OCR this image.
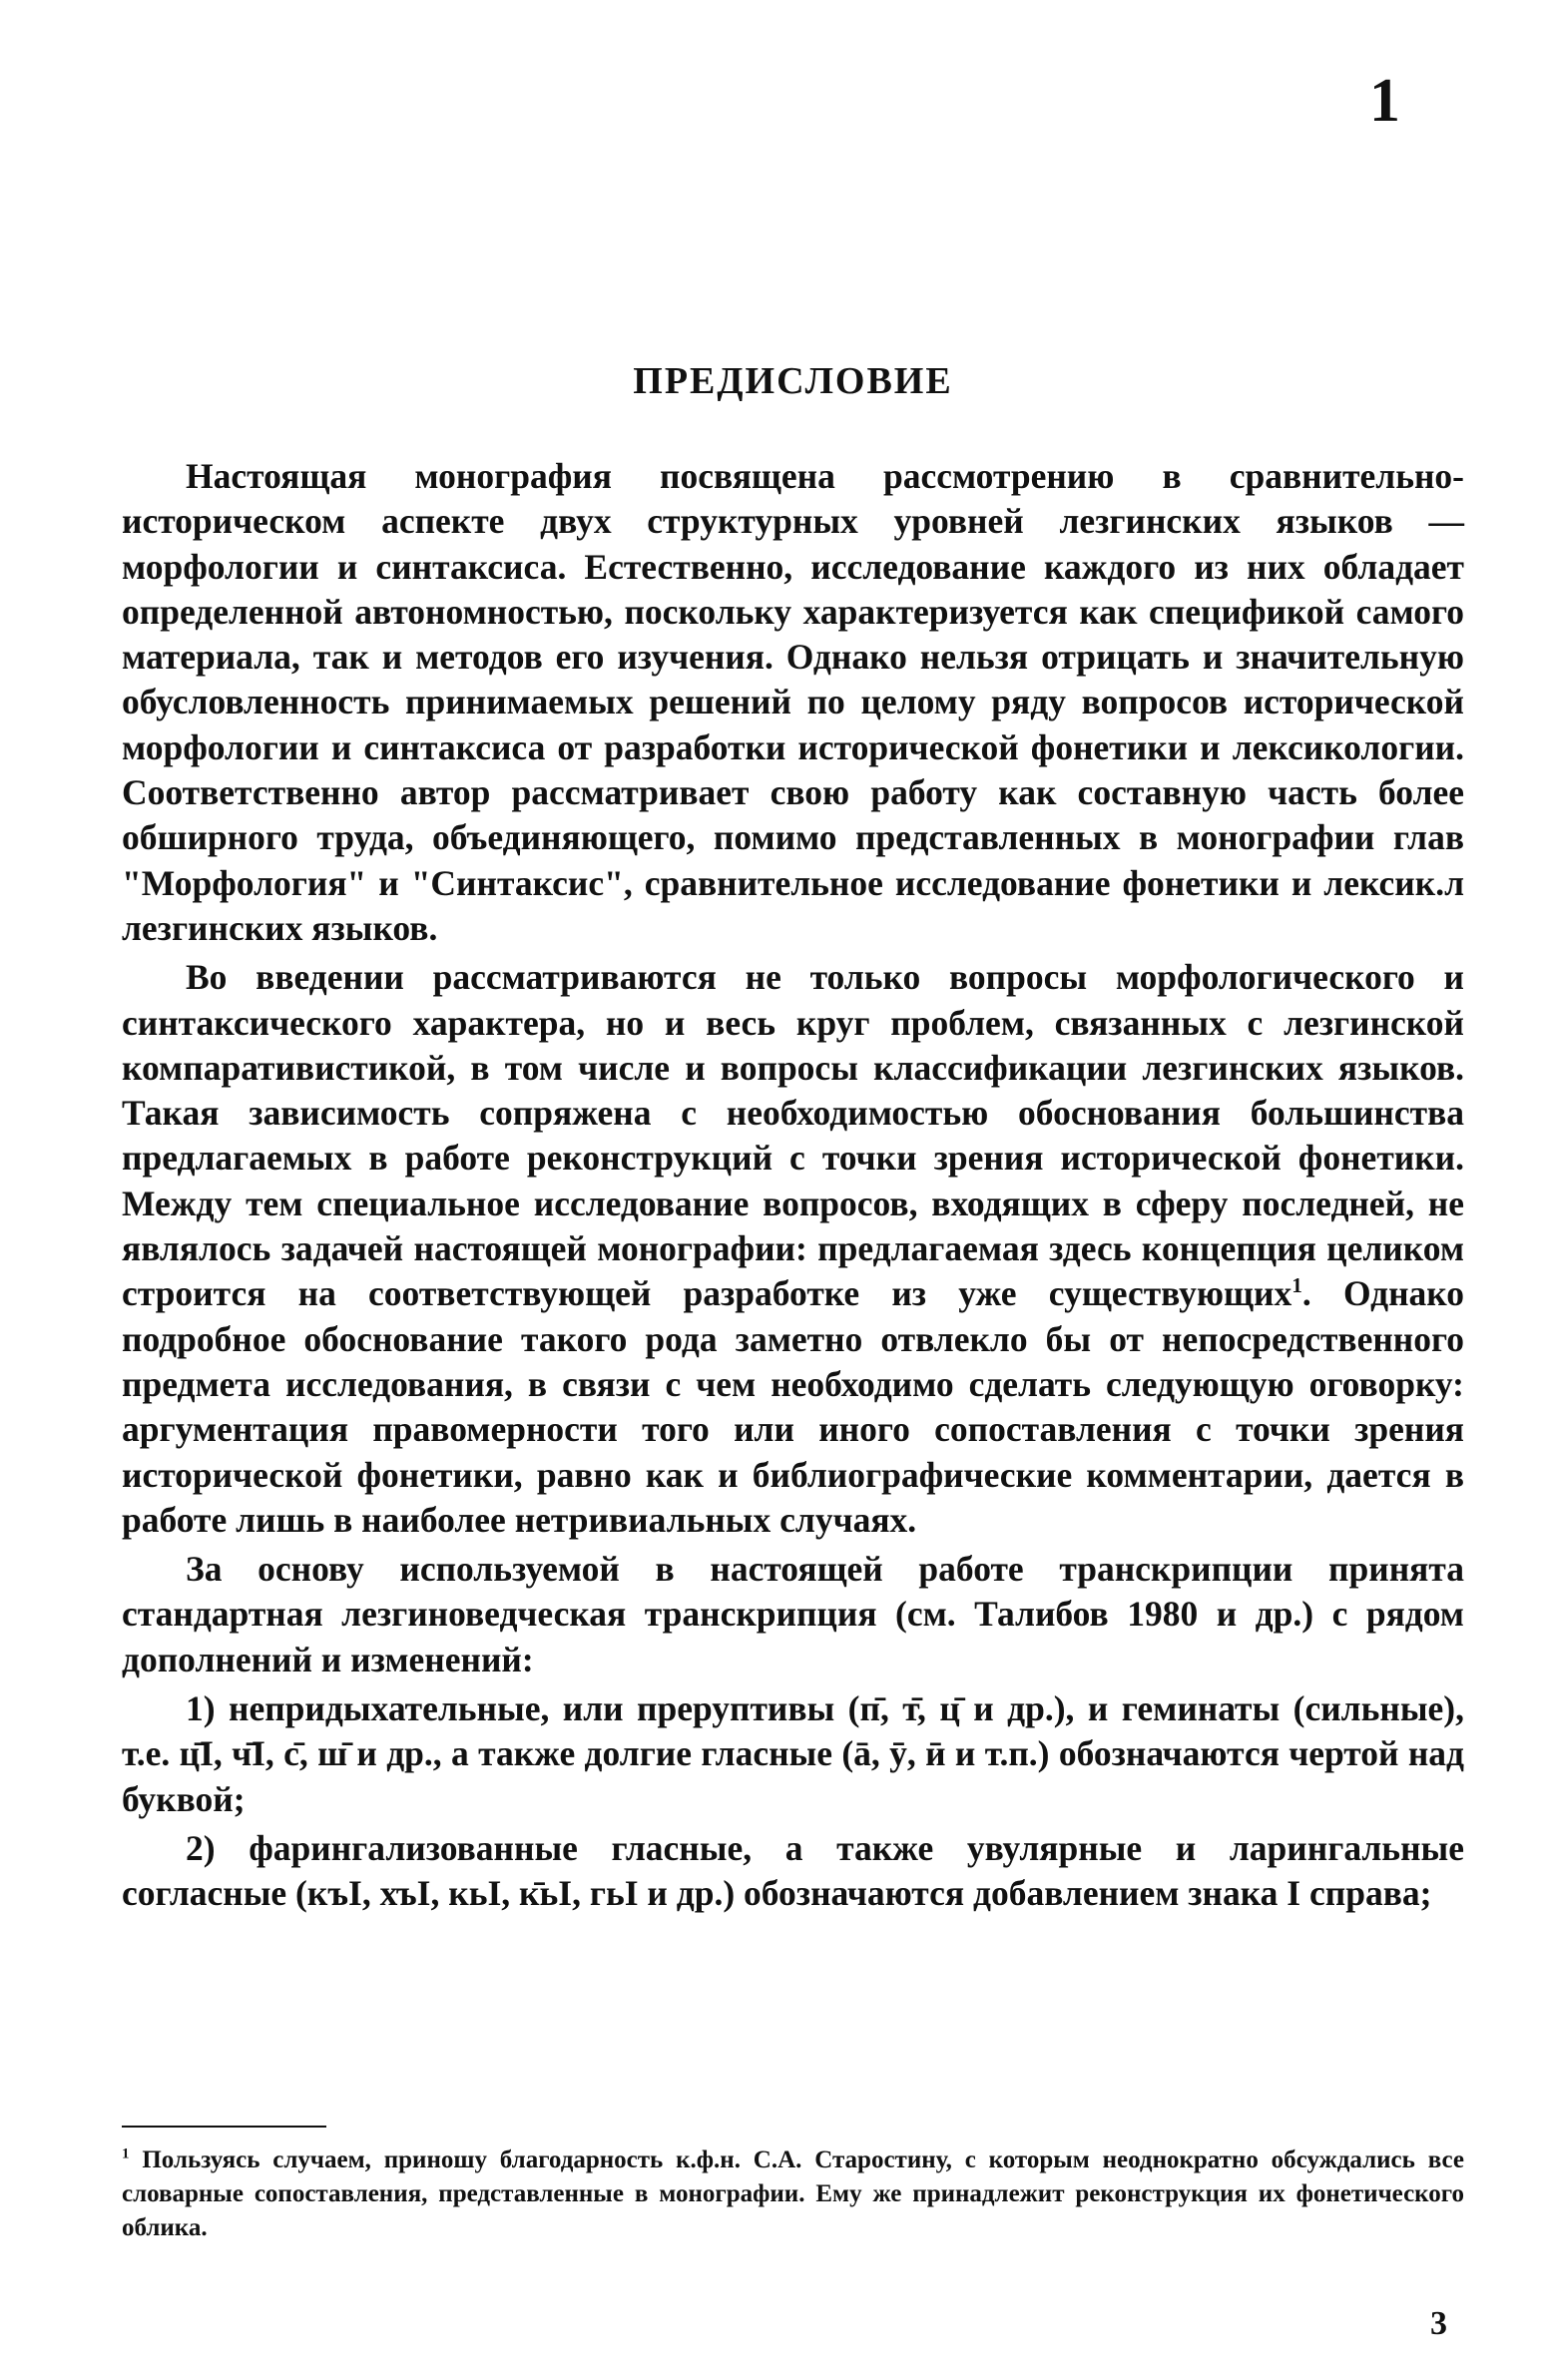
1
ПРЕДИСЛОВИЕ

Настоящая монография посвящена рассмотрению в сравнительно-историческом аспекте двух структурных уровней лезгинских языков — морфологии и синтаксиса. Естественно, исследование каждого из них обладает определенной автономностью, поскольку характеризуется как спецификой самого материала, так и методов его изучения. Однако нельзя отрицать и значительную обусловленность принимаемых решений по целому ряду вопросов исторической морфологии и синтаксиса от разработки исторической фонетики и лексикологии. Соответственно автор рассматривает свою работу как составную часть более обширного труда, объединяющего, помимо представленных в монографии глав "Морфология" и "Синтаксис", сравнительное исследование фонетики и лексик.л лезгинских языков.

Во введении рассматриваются не только вопросы морфологического и синтаксического характера, но и весь круг проблем, связанных с лезгинской компаративистикой, в том числе и вопросы классификации лезгинских языков. Такая зависимость сопряжена с необходимостью обоснования большинства предлагаемых в работе реконструкций с точки зрения исторической фонетики. Между тем специальное исследование вопросов, входящих в сферу последней, не являлось задачей настоящей монографии: предлагаемая здесь концепция целиком строится на соответствующей разработке из уже существующих$^1$. Однако подробное обоснование такого рода заметно отвлекло бы от непосредственного предмета исследования, в связи с чем необходимо сделать следующую оговорку: аргументация правомерности того или иного сопоставления с точки зрения исторической фонетики, равно как и библиографические комментарии, дается в работе лишь в наиболее нетривиальных случаях.

За основу используемой в настоящей работе транскрипции принята стандартная лезгиноведческая транскрипция (см. Талибов 1980 и др.) с рядом дополнений и изменений:

1) непридыхательные, или преруптивы (п̄, т̄, ц̄ и др.), и геминаты (сильные), т.е. ц̄I, ч̄I, с̄, ш̄ и др., а также долгие гласные (ā, ӯ, ӣ и т.п.) обозначаются чертой над буквой;

2) фарингализованные гласные, а также увулярные и ларингальные согласные (къI, хъI, кьI, к̄ьI, гьI и др.) обозначаются добавлением знака I справа;

$^1$ Пользуясь случаем, приношу благодарность к.ф.н. С.А. Старостину, с которым неоднократно обсуждались все словарные сопоставления, представленные в монографии. Ему же принадлежит реконструкция их фонетического облика.
3
